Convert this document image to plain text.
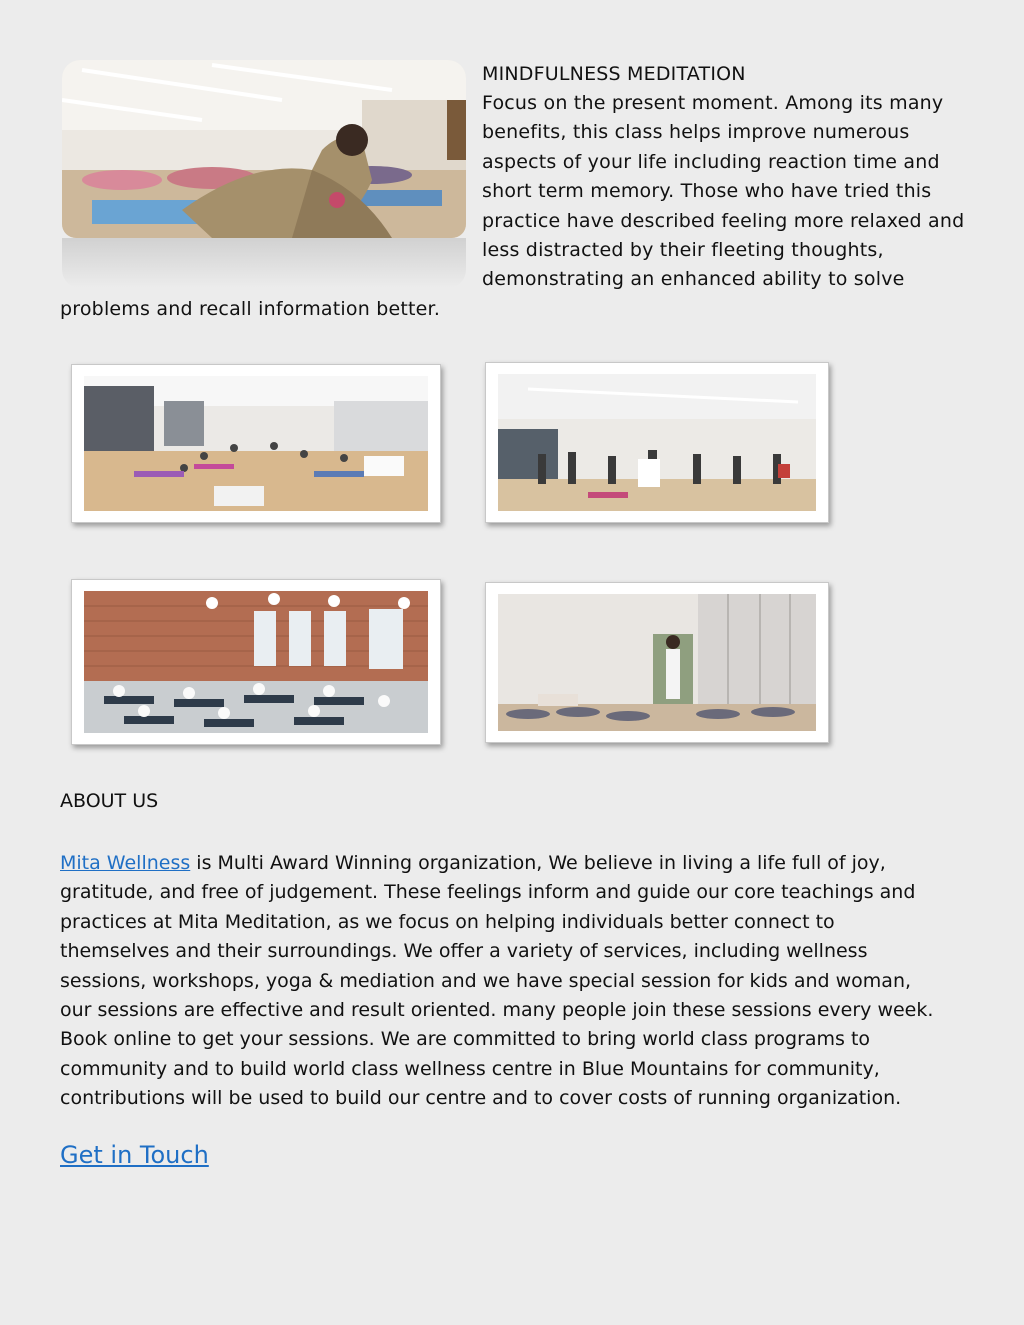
MINDFULNESS MEDITATION
Focus on the present moment. Among its many
benefits, this class helps improve numerous
aspects of your life including reaction time and
short term memory. Those who have tried this
practice have described feeling more relaxed and
less distracted by their fleeting thoughts,
demonstrating an enhanced ability to solve
problems and recall information better.
ABOUT US
Mita Wellness is Multi Award Winning organization, We believe in living a life full of joy,
gratitude, and free of judgement. These feelings inform and guide our core teachings and
practices at Mita Meditation, as we focus on helping individuals better connect to
themselves and their surroundings. We offer a variety of services, including wellness
sessions, workshops, yoga & mediation and we have special session for kids and woman,
our sessions are effective and result oriented. many people join these sessions every week.
Book online to get your sessions. We are committed to bring world class programs to
community and to build world class wellness centre in Blue Mountains for community,
contributions will be used to build our centre and to cover costs of running organization.
Get in Touch
